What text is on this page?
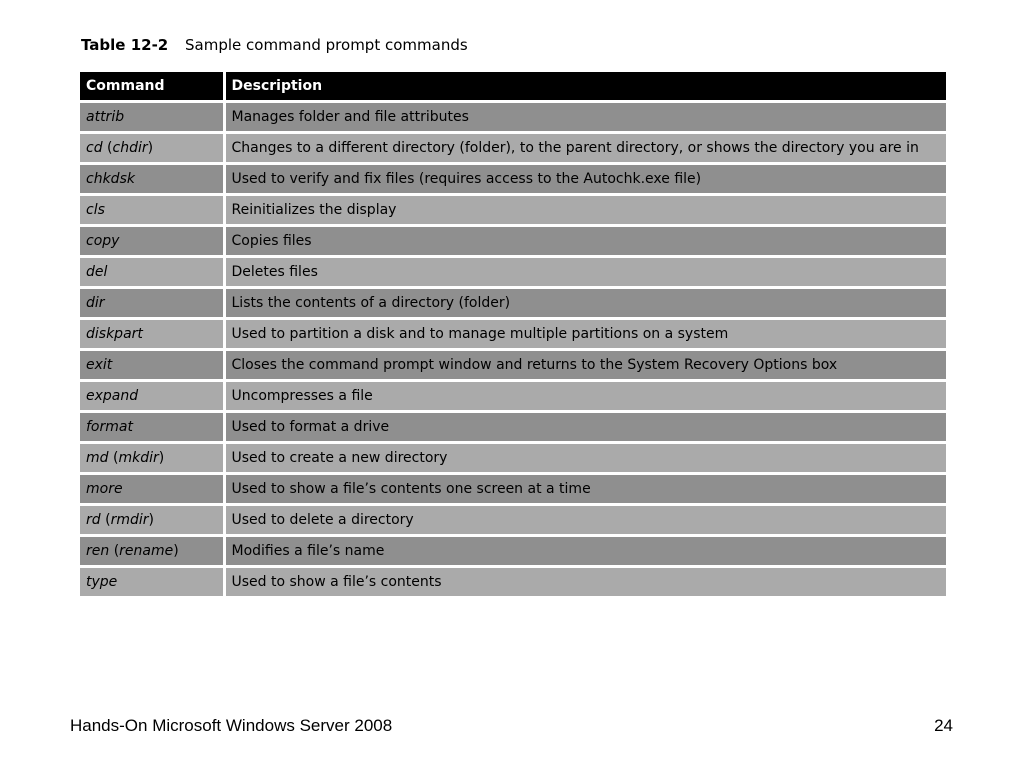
Table 12-2 Sample command prompt commands
Command	Description
attrib	Manages folder and file attributes
cd (chdir)	Changes to a different directory (folder), to the parent directory, or shows the directory you are in
chkdsk	Used to verify and fix files (requires access to the Autochk.exe file)
cls	Reinitializes the display
copy	Copies files
del	Deletes files
dir	Lists the contents of a directory (folder)
diskpart	Used to partition a disk and to manage multiple partitions on a system
exit	Closes the command prompt window and returns to the System Recovery Options box
expand	Uncompresses a file
format	Used to format a drive
md (mkdir)	Used to create a new directory
more	Used to show a file’s contents one screen at a time
rd (rmdir)	Used to delete a directory
ren (rename)	Modifies a file’s name
type	Used to show a file’s contents
Hands-On Microsoft Windows Server 2008	24
